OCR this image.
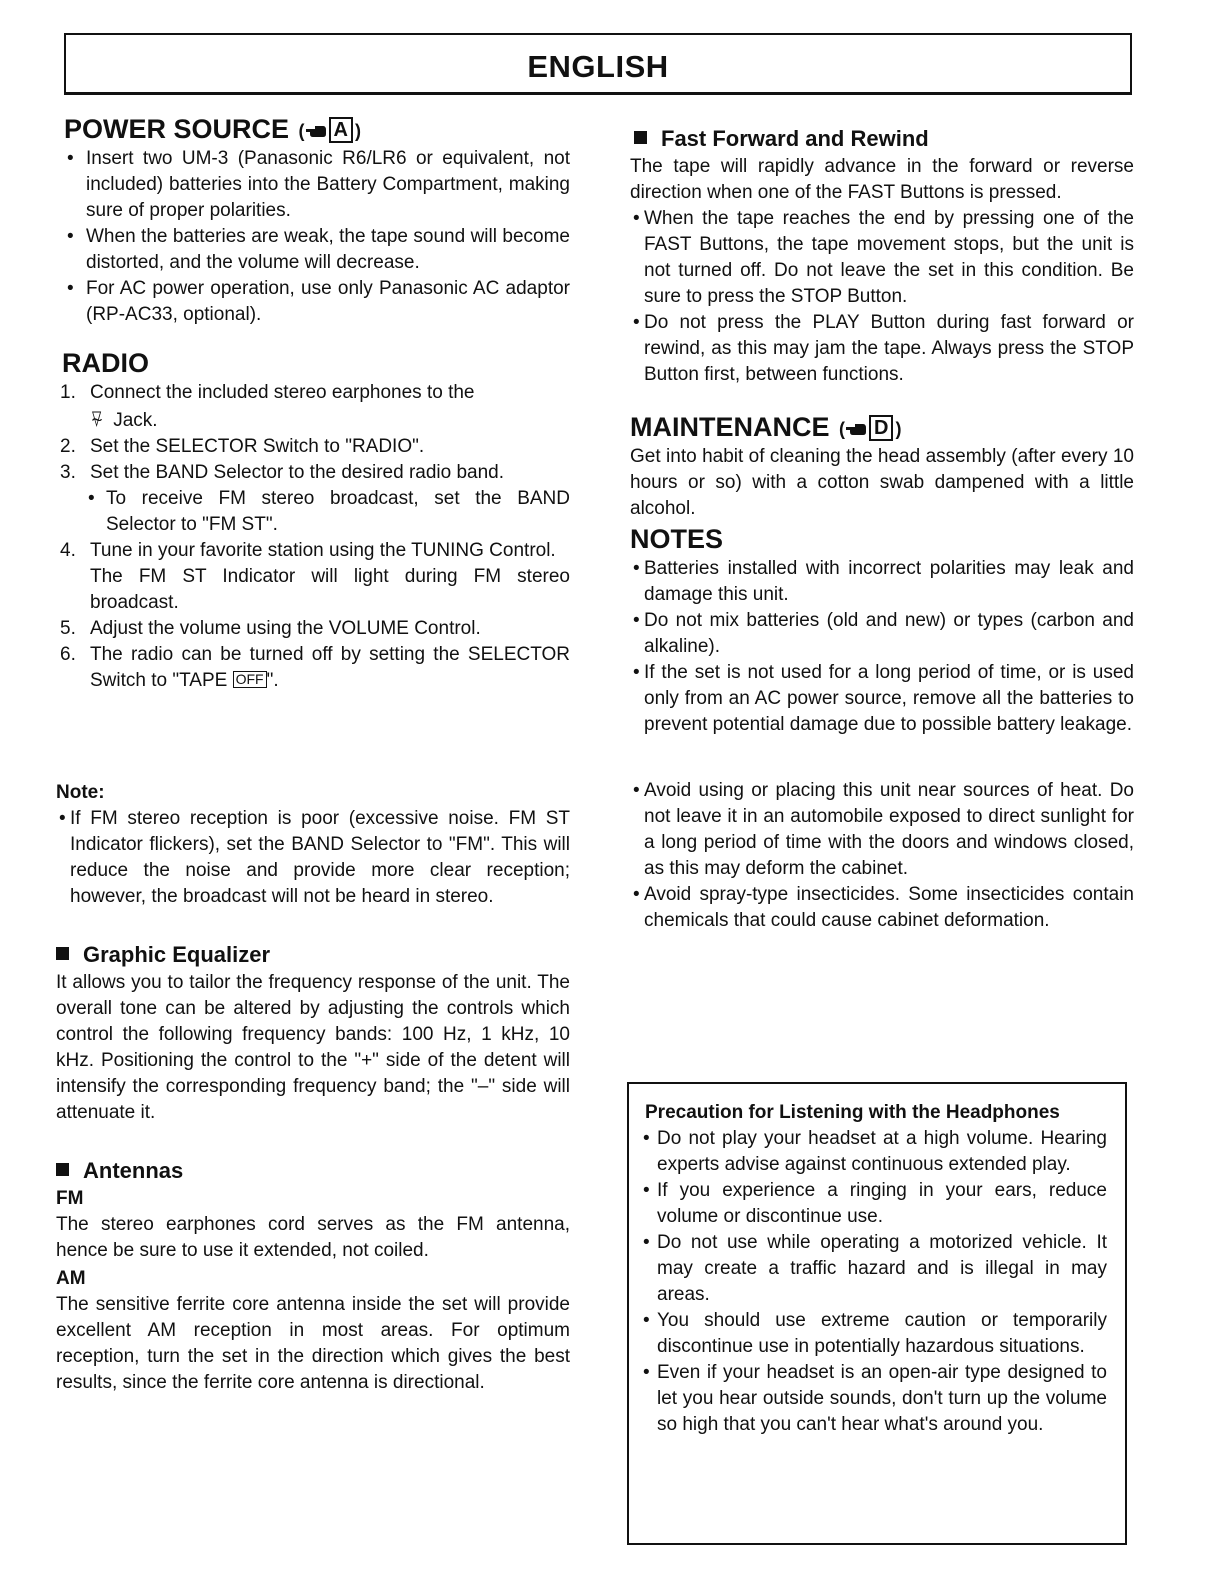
ENGLISH
POWER SOURCE ( A )
• Insert two UM-3 (Panasonic R6/LR6 or equivalent, not included) batteries into the Battery Compartment, making sure of proper polarities.
• When the batteries are weak, the tape sound will become distorted, and the volume will decrease.
• For AC power operation, use only Panasonic AC adaptor (RP-AC33, optional).
RADIO
1. Connect the included stereo earphones to the
⍫ Jack.
2. Set the SELECTOR Switch to "RADIO".
3. Set the BAND Selector to the desired radio band.
• To receive FM stereo broadcast, set the BAND Selector to "FM ST".
4. Tune in your favorite station using the TUNING Control.
The FM ST Indicator will light during FM stereo broadcast.
5. Adjust the volume using the VOLUME Control.
6. The radio can be turned off by setting the SELECTOR Switch to "TAPE OFF ".
Note:
• If FM stereo reception is poor (excessive noise. FM ST Indicator flickers), set the BAND Selector to "FM". This will reduce the noise and provide more clear reception; however, the broadcast will not be heard in stereo.
Graphic Equalizer

It allows you to tailor the frequency response of the unit. The overall tone can be altered by adjusting the controls which control the following frequency bands: 100 Hz, 1 kHz, 10 kHz. Positioning the control to the "+" side of the detent will intensify the corresponding frequency band; the "–" side will attenuate it.

Antennas
FM

The stereo earphones cord serves as the FM antenna, hence be sure to use it extended, not coiled.

AM

The sensitive ferrite core antenna inside the set will provide excellent AM reception in most areas. For optimum reception, turn the set in the direction which gives the best results, since the ferrite core antenna is directional.

Fast Forward and Rewind

The tape will rapidly advance in the forward or reverse direction when one of the FAST Buttons is pressed.

• When the tape reaches the end by pressing one of the FAST Buttons, the tape movement stops, but the unit is not turned off. Do not leave the set in this condition. Be sure to press the STOP Button.
• Do not press the PLAY Button during fast forward or rewind, as this may jam the tape. Always press the STOP Button first, between functions.
MAINTENANCE ( D )

Get into habit of cleaning the head assembly (after every 10 hours or so) with a cotton swab dampened with a little alcohol.

NOTES
• Batteries installed with incorrect polarities may leak and damage this unit.
• Do not mix batteries (old and new) or types (carbon and alkaline).
• If the set is not used for a long period of time, or is used only from an AC power source, remove all the batteries to prevent potential damage due to possible battery leakage.
• Avoid using or placing this unit near sources of heat. Do not leave it in an automobile exposed to direct sunlight for a long period of time with the doors and windows closed, as this may deform the cabinet.
• Avoid spray-type insecticides. Some insecticides contain chemicals that could cause cabinet deformation.
Precaution for Listening with the Headphones
• Do not play your headset at a high volume. Hearing experts advise against continuous extended play.
• If you experience a ringing in your ears, reduce volume or discontinue use.
• Do not use while operating a motorized vehicle. It may create a traffic hazard and is illegal in may areas.
• You should use extreme caution or temporarily discontinue use in potentially hazardous situations.
• Even if your headset is an open-air type designed to let you hear outside sounds, don't turn up the volume so high that you can't hear what's around you.
